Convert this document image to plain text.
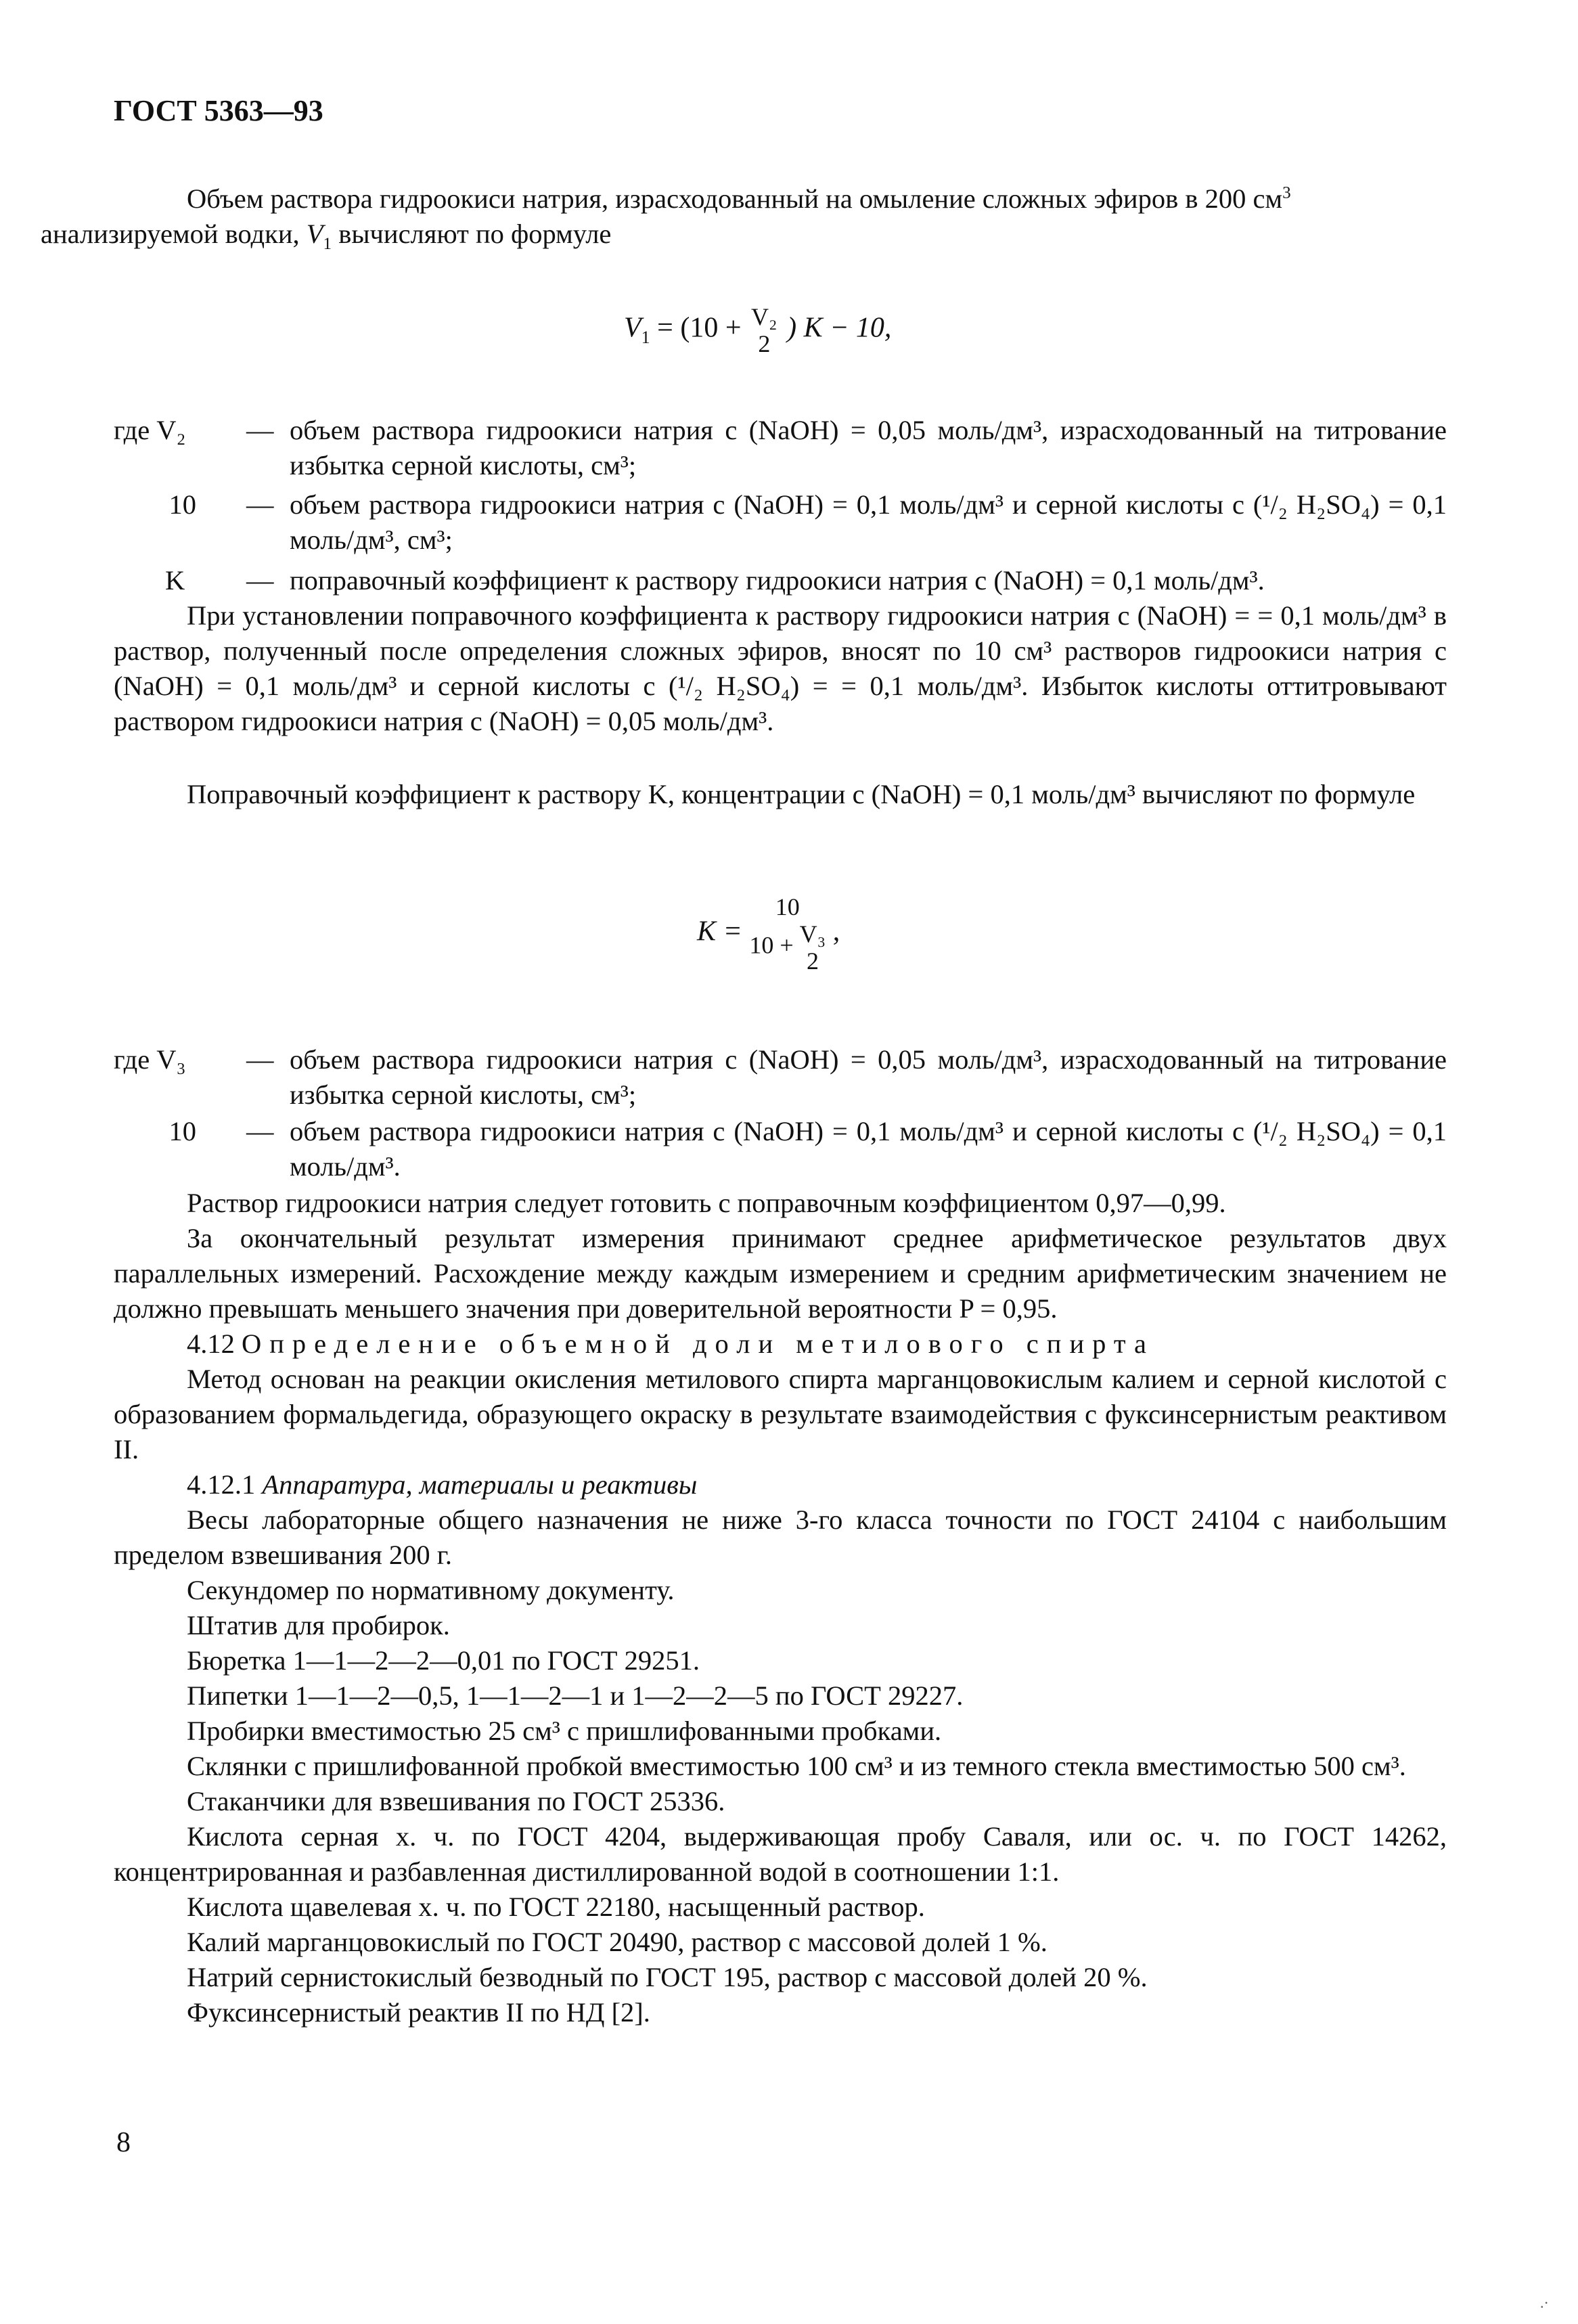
ГОСТ 5363—93

Объем раствора гидроокиси натрия, израсходованный на омыление сложных эфиров в 200 $см^3$
анализируемой водки, $V_1$ вычисляют по формуле

$V_1 = (10 + V_2$
2
) K − 10,
где V₂	— объем раствора гидроокиси натрия c (NaOH) = 0,05 моль/дм³, израсходованный на титрование избытка серной кислоты, см³;
10 — объем раствора гидроокиси натрия c (NaOH) = 0,1 моль/дм³ и серной кислоты c (¹/₂ H₂SO₄) = 0,1 моль/дм³, см³;
K	— поправочный коэффициент к раствору гидроокиси натрия c (NaOH) = 0,1 моль/дм³.

При установлении поправочного коэффициента к раствору гидроокиси натрия c (NaOH) = = 0,1 моль/дм³ в раствор, полученный после определения сложных эфиров, вносят по 10 см³ растворов гидроокиси натрия c (NaOH) = 0,1 моль/дм³ и серной кислоты c (¹/₂ H₂SO₄) = = 0,1 моль/дм³. Избыток кислоты оттитровывают раствором гидроокиси натрия c (NaOH) = 0,05 моль/дм³.

Поправочный коэффициент к раствору K, концентрации c (NaOH) = 0,1 моль/дм³ вычисляют по формуле

K =
10
10 + V₃
2
,
где V₃	— объем раствора гидроокиси натрия c (NaOH) = 0,05 моль/дм³, израсходованный на титрование избытка серной кислоты, см³;
10 — объем раствора гидроокиси натрия c (NaOH) = 0,1 моль/дм³ и серной кислоты c (¹/₂ H₂SO₄) = 0,1 моль/дм³.

Раствор гидроокиси натрия следует готовить с поправочным коэффициентом 0,97—0,99.

За окончательный результат измерения принимают среднее арифметическое результатов двух параллельных измерений. Расхождение между каждым измерением и средним арифметическим значением не должно превышать меньшего значения при доверительной вероятности P = 0,95.

4.12 Определение объемной доли метилового спирта

Метод основан на реакции окисления метилового спирта марганцовокислым калием и серной кислотой с образованием формальдегида, образующего окраску в результате взаимодействия с фуксинсернистым реактивом II.

4.12.1 Аппаратура, материалы и реактивы

Весы лабораторные общего назначения не ниже 3-го класса точности по ГОСТ 24104 с наибольшим пределом взвешивания 200 г.

Секундомер по нормативному документу.

Штатив для пробирок.

Бюретка 1—1—2—2—0,01 по ГОСТ 29251.

Пипетки 1—1—2—0,5, 1—1—2—1 и 1—2—2—5 по ГОСТ 29227.

Пробирки вместимостью 25 см³ с пришлифованными пробками.

Склянки с пришлифованной пробкой вместимостью 100 см³ и из темного стекла вместимостью 500 см³.

Стаканчики для взвешивания по ГОСТ 25336.

Кислота серная х. ч. по ГОСТ 4204, выдерживающая пробу Саваля, или ос. ч. по ГОСТ 14262, концентрированная и разбавленная дистиллированной водой в соотношении 1:1.

Кислота щавелевая х. ч. по ГОСТ 22180, насыщенный раствор.

Калий марганцовокислый по ГОСТ 20490, раствор с массовой долей 1 %.

Натрий сернистокислый безводный по ГОСТ 195, раствор с массовой долей 20 %.

Фуксинсернистый реактив II по НД [2].

8
.·
